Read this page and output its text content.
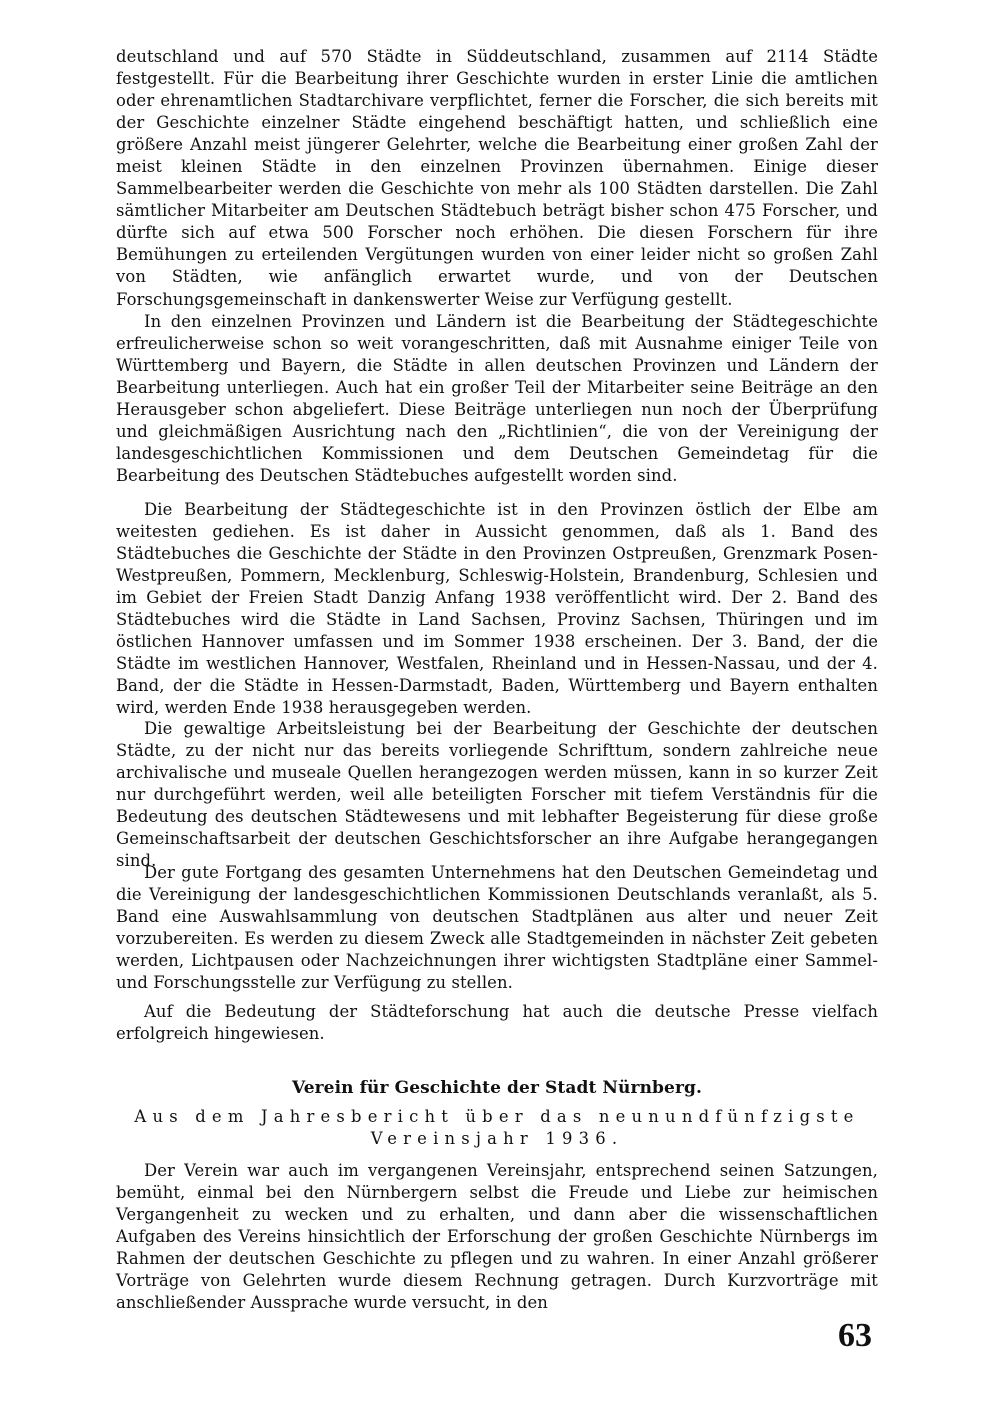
deutschland und auf 570 Städte in Süddeutschland, zusammen auf 2114 Städte festgestellt. Für die Bearbeitung ihrer Geschichte wurden in erster Linie die amtlichen oder ehrenamtlichen Stadtarchivare verpflichtet, ferner die Forscher, die sich bereits mit der Geschichte einzelner Städte eingehend beschäftigt hatten, und schließlich eine größere Anzahl meist jüngerer Gelehrter, welche die Bearbeitung einer großen Zahl der meist kleinen Städte in den einzelnen Provinzen übernahmen. Einige dieser Sammelbearbeiter werden die Geschichte von mehr als 100 Städten darstellen. Die Zahl sämtlicher Mitarbeiter am Deutschen Städtebuch beträgt bisher schon 475 Forscher, und dürfte sich auf etwa 500 Forscher noch erhöhen. Die diesen Forschern für ihre Bemühungen zu erteilenden Vergütungen wurden von einer leider nicht so großen Zahl von Städten, wie anfänglich erwartet wurde, und von der Deutschen Forschungsgemeinschaft in dankenswerter Weise zur Verfügung gestellt.

In den einzelnen Provinzen und Ländern ist die Bearbeitung der Städtegeschichte erfreulicherweise schon so weit vorangeschritten, daß mit Ausnahme einiger Teile von Württemberg und Bayern, die Städte in allen deutschen Provinzen und Ländern der Bearbeitung unterliegen. Auch hat ein großer Teil der Mitarbeiter seine Beiträge an den Herausgeber schon abgeliefert. Diese Beiträge unterliegen nun noch der Überprüfung und gleichmäßigen Ausrichtung nach den „Richtlinien“, die von der Vereinigung der landesgeschichtlichen Kommissionen und dem Deutschen Gemeindetag für die Bearbeitung des Deutschen Städtebuches aufgestellt worden sind.

Die Bearbeitung der Städtegeschichte ist in den Provinzen östlich der Elbe am weitesten gediehen. Es ist daher in Aussicht genommen, daß als 1. Band des Städtebuches die Geschichte der Städte in den Provinzen Ostpreußen, Grenzmark Posen-Westpreußen, Pommern, Mecklenburg, Schleswig-Holstein, Brandenburg, Schlesien und im Gebiet der Freien Stadt Danzig Anfang 1938 veröffentlicht wird. Der 2. Band des Städtebuches wird die Städte in Land Sachsen, Provinz Sachsen, Thüringen und im östlichen Hannover umfassen und im Sommer 1938 erscheinen. Der 3. Band, der die Städte im westlichen Hannover, Westfalen, Rheinland und in Hessen-Nassau, und der 4. Band, der die Städte in Hessen-Darmstadt, Baden, Württemberg und Bayern enthalten wird, werden Ende 1938 herausgegeben werden.

Die gewaltige Arbeitsleistung bei der Bearbeitung der Geschichte der deutschen Städte, zu der nicht nur das bereits vorliegende Schrifttum, sondern zahlreiche neue archivalische und museale Quellen herangezogen werden müssen, kann in so kurzer Zeit nur durchgeführt werden, weil alle beteiligten Forscher mit tiefem Verständnis für die Bedeutung des deutschen Städtewesens und mit lebhafter Begeisterung für diese große Gemeinschaftsarbeit der deutschen Geschichtsforscher an ihre Aufgabe herangegangen sind.

Der gute Fortgang des gesamten Unternehmens hat den Deutschen Gemeindetag und die Vereinigung der landesgeschichtlichen Kommissionen Deutschlands veranlaßt, als 5. Band eine Auswahlsammlung von deutschen Stadtplänen aus alter und neuer Zeit vorzubereiten. Es werden zu diesem Zweck alle Stadtgemeinden in nächster Zeit gebeten werden, Lichtpausen oder Nachzeichnungen ihrer wichtigsten Stadtpläne einer Sammel- und Forschungsstelle zur Verfügung zu stellen.

Auf die Bedeutung der Städteforschung hat auch die deutsche Presse vielfach erfolgreich hingewiesen.

Verein für Geschichte der Stadt Nürnberg.

Aus dem Jahresbericht über das neunundfünfzigste

Vereinsjahr 1936.

Der Verein war auch im vergangenen Vereinsjahr, entsprechend seinen Satzungen, bemüht, einmal bei den Nürnbergern selbst die Freude und Liebe zur heimischen Vergangenheit zu wecken und zu erhalten, und dann aber die wissenschaftlichen Aufgaben des Vereins hinsichtlich der Erforschung der großen Geschichte Nürnbergs im Rahmen der deutschen Geschichte zu pflegen und zu wahren. In einer Anzahl größerer Vorträge von Gelehrten wurde diesem Rechnung getragen. Durch Kurzvorträge mit anschließender Aussprache wurde versucht, in den

63
